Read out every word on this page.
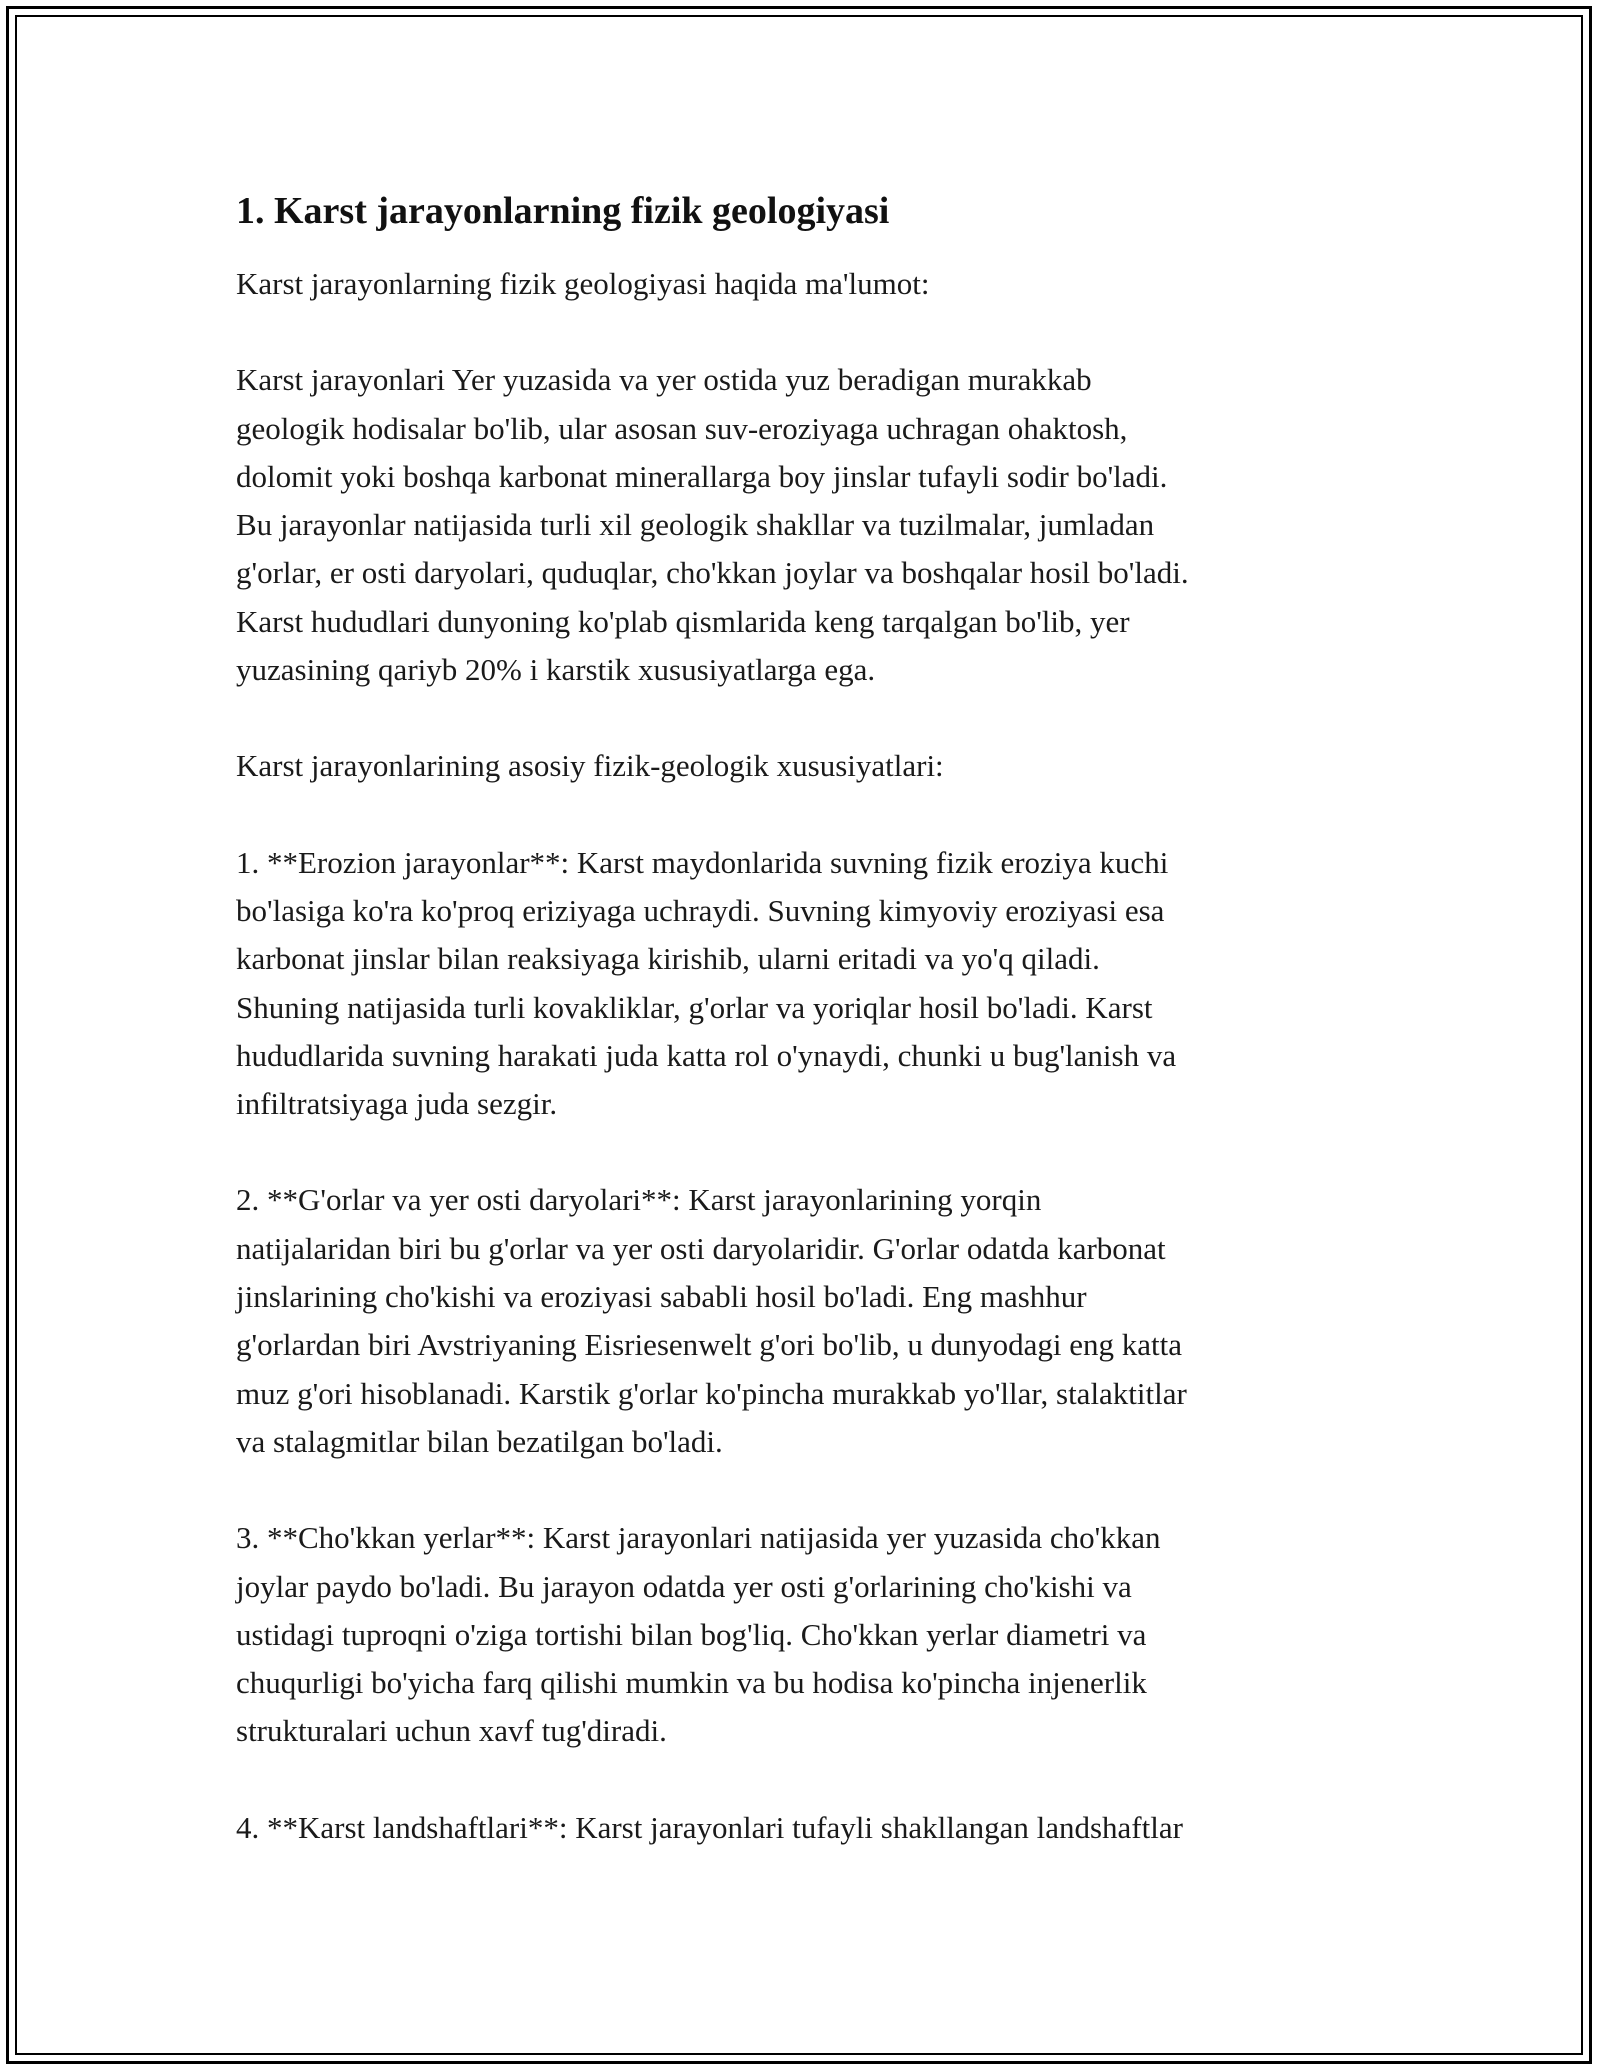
1. Karst jarayonlarning fizik geologiyasi
Karst jarayonlarning fizik geologiyasi haqida ma'lumot:
Karst jarayonlari Yer yuzasida va yer ostida yuz beradigan murakkab
geologik hodisalar bo'lib, ular asosan suv-eroziyaga uchragan ohaktosh,
dolomit yoki boshqa karbonat minerallarga boy jinslar tufayli sodir bo'ladi.
Bu jarayonlar natijasida turli xil geologik shakllar va tuzilmalar, jumladan
g'orlar, er osti daryolari, quduqlar, cho'kkan joylar va boshqalar hosil bo'ladi.
Karst hududlari dunyoning ko'plab qismlarida keng tarqalgan bo'lib, yer
yuzasining qariyb 20% i karstik xususiyatlarga ega.
Karst jarayonlarining asosiy fizik-geologik xususiyatlari:
1. **Erozion jarayonlar**: Karst maydonlarida suvning fizik eroziya kuchi
bo'lasiga ko'ra ko'proq eriziyaga uchraydi. Suvning kimyoviy eroziyasi esa
karbonat jinslar bilan reaksiyaga kirishib, ularni eritadi va yo'q qiladi.
Shuning natijasida turli kovakliklar, g'orlar va yoriqlar hosil bo'ladi. Karst
hududlarida suvning harakati juda katta rol o'ynaydi, chunki u bug'lanish va
infiltratsiyaga juda sezgir.
2. **G'orlar va yer osti daryolari**: Karst jarayonlarining yorqin
natijalaridan biri bu g'orlar va yer osti daryolaridir. G'orlar odatda karbonat
jinslarining cho'kishi va eroziyasi sababli hosil bo'ladi. Eng mashhur
g'orlardan biri Avstriyaning Eisriesenwelt g'ori bo'lib, u dunyodagi eng katta
muz g'ori hisoblanadi. Karstik g'orlar ko'pincha murakkab yo'llar, stalaktitlar
va stalagmitlar bilan bezatilgan bo'ladi.
3. **Cho'kkan yerlar**: Karst jarayonlari natijasida yer yuzasida cho'kkan
joylar paydo bo'ladi. Bu jarayon odatda yer osti g'orlarining cho'kishi va
ustidagi tuproqni o'ziga tortishi bilan bog'liq. Cho'kkan yerlar diametri va
chuqurligi bo'yicha farq qilishi mumkin va bu hodisa ko'pincha injenerlik
strukturalari uchun xavf tug'diradi.
4. **Karst landshaftlari**: Karst jarayonlari tufayli shakllangan landshaftlar
